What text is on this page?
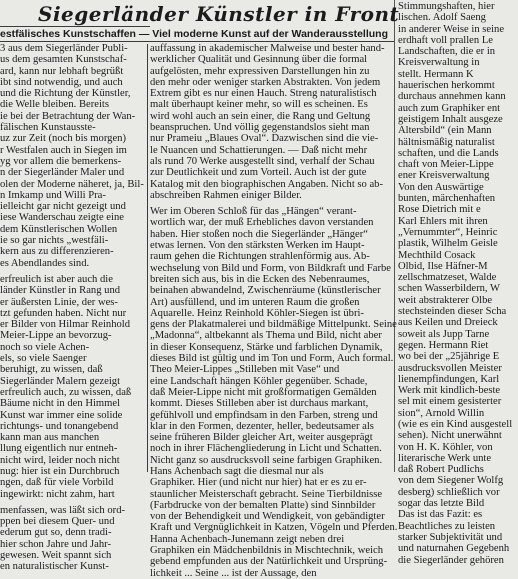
Siegerländer Künstler in Front
estfälisches Kunstschaffen — Viel moderne Kunst auf der Wanderausstellung

3 aus dem Siegerländer Publi-

us dem gesamten Kunstschaf-

ard, kann nur lebhaft begrüßt

ibt sind notwendig, und auch

und die Richtung der Künstler,

die Welle bleiben. Bereits

ie bei der Betrachtung der Wan-

fälischen Kunstausste-

uz zur Zeit (noch bis morgen)

r Westfalen auch in Siegen im

yg vor allem die bemerkens-

n der Siegerländer Maler und

olen der Moderne näheret, ja, Bil-

n Imkamp und Willi Pra-

ielleicht gar nicht gezeigt und

iese Wanderschau zeigte eine

dem Künstlerischen Wollen

ie so gar nichts „westfäli-

kern aus zu differenzieren-

es Abendlandes sind.

erfreulich ist aber auch die

länder Künstler in Rang und

er äußersten Linie, der wes-

tzt gefunden haben. Nicht nur

er Bilder von Hilmar Reinhold

Meier-Lippe an bevorzug-

noch so viele Achen-

els, so viele Saenger

beruhigt, zu wissen, daß

Siegerländer Malern gezeigt

erfreulich auch, zu wissen, daß

Bäume nicht in den Himmel

Kunst war immer eine solide

richtungs- und tonangebend

kann man aus manchen

llung eigentlich nur entneh-

nicht wird, leider noch nicht

nug: hier ist ein Durchbruch

ngen, daß für viele Vorbild

ingewirkt: nicht zahm, hart

menfassen, was läßt sich ord-

ppen bei diesem Quer- und

ederum gut so, denn tradi-

hier schon Jahre und Jahr-

gewesen. Weit spannt sich

en naturalistischer Kunst-

auffassung in akademischer Malweise und bester hand-

werklicher Qualität und Gesinnung über die formal

aufgelösten, mehr expressiven Darstellungen hin zu

den mehr oder weniger starken Abstrakten. Von jedem

Extrem gibt es nur einen Hauch. Streng naturalistisch

malt überhaupt keiner mehr, so will es scheinen. Es

wird wohl auch an sein einer, die Rang und Geltung

beanspruchen. Und völlig gegenstandslos sieht man

nur Prameiu „Blaues Oval“. Dazwischen sind die vie-

le Nuancen und Schattierungen. — Daß nicht mehr

als rund 70 Werke ausgestellt sind, verhalf der Schau

zur Deutlichkeit und zum Vorteil. Auch ist der gute

Katalog mit den biographischen Angaben. Nicht so ab-

abschreiben Rahmen einiger Bilder.

Wer im Oberen Schloß für das „Hängen“ verant-

wortlich war, der muß Erhebliches davon verstanden

haben. Hier stoßen noch die Siegerländer „Hänger“

etwas lernen. Von den stärksten Werken im Haupt-

raum gehen die Richtungen strahlenförmig aus. Ab-

wechselung von Bild und Form, von Bildkraft und Farbe

breiten sich aus, bis in die Ecken des Nebenraumes,

beinahen abwandelnd, Zwischenräume (künstlerischer

Art) ausfüllend, und im unteren Raum die großen

Aquarelle. Heinz Reinhold Köhler-Siegen ist übri-

gens der Plakatmalerei und bildmäßige Mittelpunkt. Seine

„Madonna“, altbekannt als Thema und Bild, nicht aber

in dieser Konsequenz, Stärke und farblichen Dynamik,

dieses Bild ist gültig und im Ton und Form, Auch formal.

Theo Meier-Lippes „Stilleben mit Vase“ und

eine Landschaft hängen Köhler gegenüber. Schade,

daß Meier-Lippe nicht mit großformatigen Gemälden

kommt. Dieses Stilleben aber ist durchaus markant,

gefühlvoll und empfindsam in den Farben, streng und

klar in den Formen, dezenter, heller, bedeutsamer als

seine früheren Bilder gleicher Art, weiter ausgeprägt

noch in ihrer Flächengliederung in Licht und Schatten.

Nicht ganz so ausdrucksvoll seine farbigen Graphiken.

Hans Achenbach sagt die diesmal nur als

Graphiker. Hier (und nicht nur hier) hat er es zu er-

staunlicher Meisterschaft gebracht. Seine Tierbildnisse

(Farbdrucke von der bemalten Platte) sind Sinnbilder

von der Behendigkeit und Wendigkeit, von gebändigter

Kraft und Vergnüglichkeit in Katzen, Vögeln und Pferden.

Hanna Achenbach-Junemann zeigt neben drei

Graphiken ein Mädchenbildnis in Mischtechnik, weich

gebend empfunden aus der Natürlichkeit und Ursprüng-

lichkeit ... Seine ... ist der Aussage, den

Stimmungshaften, hier

lischen. Adolf Saeng

in anderer Weise in seine

erdhaft voll prallen Le

Landschaften, die er in

Kreisverwaltung in

stellt. Hermann K

hauerischen herkommt

durchaus annehmen kann

auch zum Graphiker ent

geistigem Inhalt ausgeze

Altersbild“ (ein Mann

hältnismäßig naturalist

schaften, und die Lands

chaft von Meier-Lippe

ener Kreisverwaltung

Von den Auswärtige

bunten, märchenhaften

Rose Dietrich mit e

Karl Ehlers mit ihren

„Vernummter“, Heinric

plastik, Wilhelm Geisle

Mechthild Cosack

Olbid, Ilse Häfner-M

zellschmatzeset, Walde

schen Wasserbildern, W

weit abstrakterer Olbe

stechsteinden dieser Scha

aus Keilen und Dreieck

soweit als Jupp Tarne

gegen. Hermann Riet

wo bei der „25jährige E

ausdrucksvollen Meister

lienempfindungen, Karl

Werk mit kindlich-beste

sel mit einem gesisterter

sion“, Arnold Willin

(wie es ein Kind ausgestell

sehen). Nicht unerwähnt

von H. K. Köhler, von

literarische Werk unte

daß Robert Pudlichs

von dem Siegener Wolfg

desberg) schließlich vor

sogar das letzte Bild

Das ist das Fazit: es

Beachtliches zu leisten

starker Subjektivität und

und naturnahen Gegebenh

die Siegerländer gehören
